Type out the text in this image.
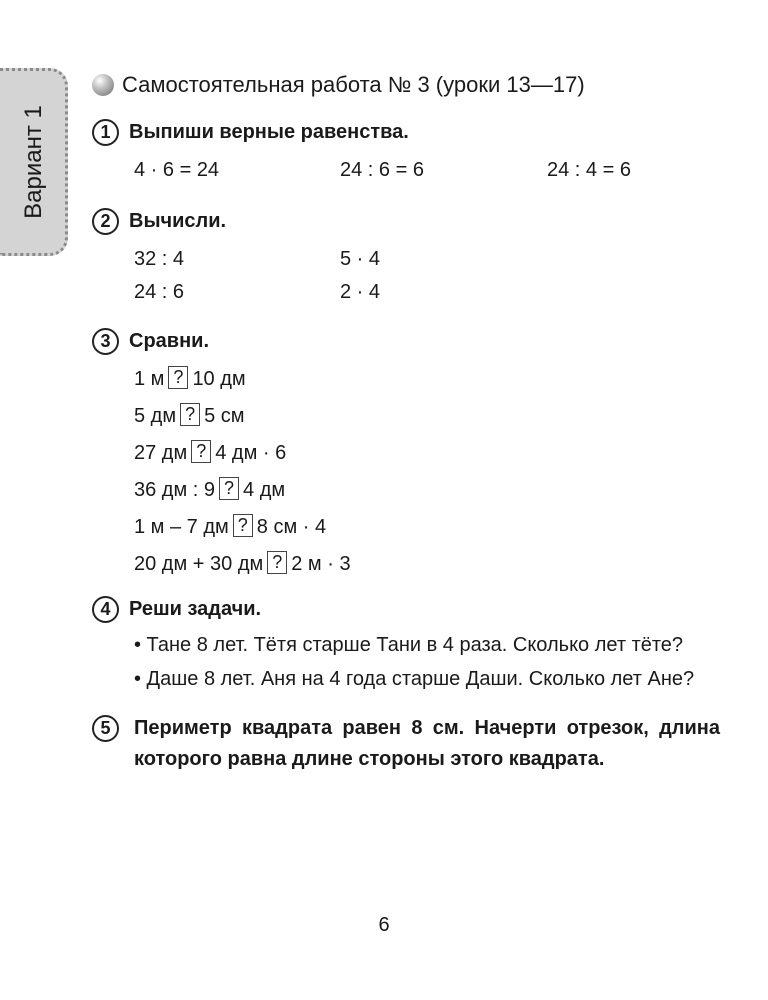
Вариант 1
Самостоятельная работа № 3 (уроки 13—17)
1 Выпиши верные равенства.
4 · 6 = 24	24 : 6 = 6	24 : 4 = 6
2 Вычисли.
32 : 4	5 · 4
24 : 6	2 · 4
3 Сравни.
1 м ? 10 дм
5 дм ? 5 см
27 дм ? 4 дм · 6
36 дм : 9 ? 4 дм
1 м – 7 дм ? 8 см · 4
20 дм + 30 дм ? 2 м · 3
4 Реши задачи.
• Тане 8 лет. Тётя старше Тани в 4 раза. Сколько лет тёте?
• Даше 8 лет. Аня на 4 года старше Даши. Сколько лет Ане?
5	Периметр квадрата равен 8 см. Начерти отрезок, длина которого равна длине стороны этого квадрата.
6
